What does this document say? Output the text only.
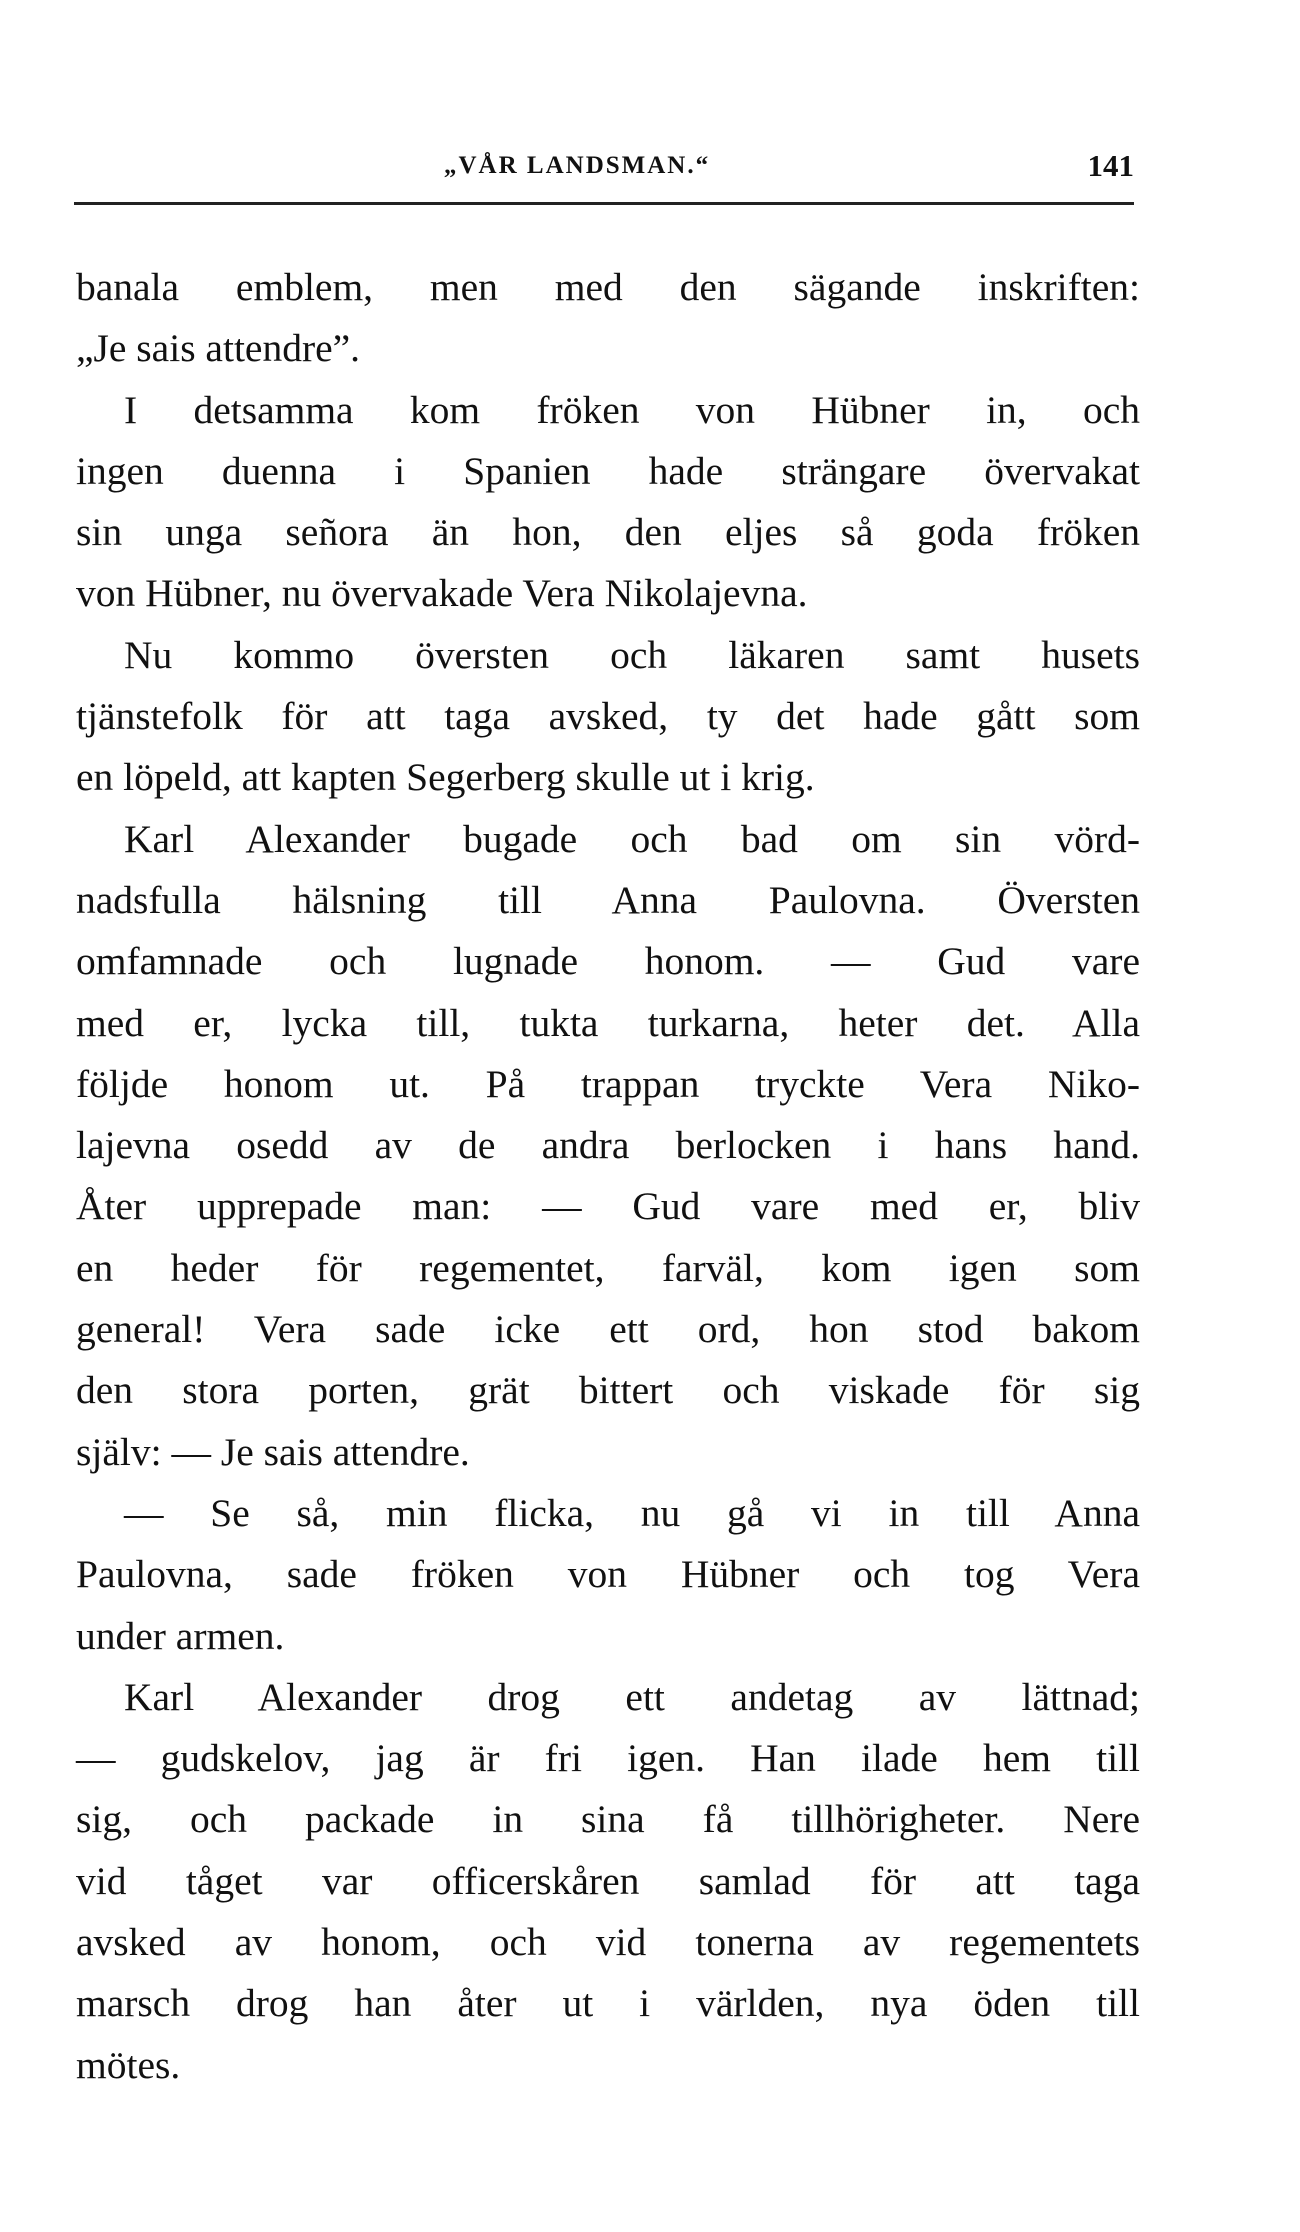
„VÅR LANDSMAN.“	141
banala emblem, men med den sägande inskriften:
„Je sais attendre”.
I detsamma kom fröken von Hübner in, och
ingen duenna i Spanien hade strängare övervakat
sin unga señora än hon, den eljes så goda fröken
von Hübner, nu övervakade Vera Nikolajevna.
Nu kommo översten och läkaren samt husets
tjänstefolk för att taga avsked, ty det hade gått som
en löpeld, att kapten Segerberg skulle ut i krig.
Karl Alexander bugade och bad om sin vörd-
nadsfulla hälsning till Anna Paulovna. Översten
omfamnade och lugnade honom. — Gud vare
med er, lycka till, tukta turkarna, heter det. Alla
följde honom ut. På trappan tryckte Vera Niko-
lajevna osedd av de andra berlocken i hans hand.
Åter upprepade man: — Gud vare med er, bliv
en heder för regementet, farväl, kom igen som
general! Vera sade icke ett ord, hon stod bakom
den stora porten, grät bittert och viskade för sig
själv: — Je sais attendre.
— Se så, min flicka, nu gå vi in till Anna
Paulovna, sade fröken von Hübner och tog Vera
under armen.
Karl Alexander drog ett andetag av lättnad;
— gudskelov, jag är fri igen. Han ilade hem till
sig, och packade in sina få tillhörigheter. Nere
vid tåget var officerskåren samlad för att taga
avsked av honom, och vid tonerna av regementets
marsch drog han åter ut i världen, nya öden till
mötes.
